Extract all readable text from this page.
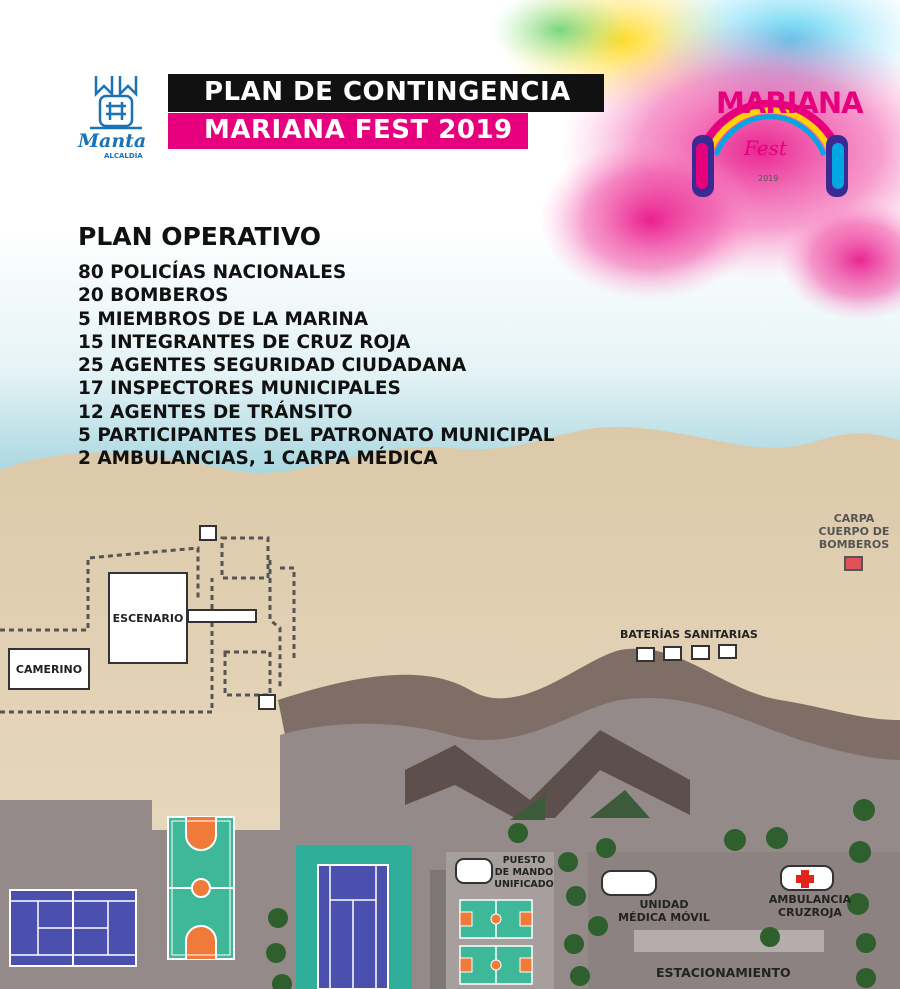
Manta
ALCALDÍA
PLAN DE CONTINGENCIA
MARIANA FEST 2019
MARIANA
Fest
2019
PLAN OPERATIVO
80 POLICÍAS NACIONALES
20 BOMBEROS
5 MIEMBROS DE LA MARINA
15 INTEGRANTES DE CRUZ ROJA
25 AGENTES SEGURIDAD CIUDADANA
17 INSPECTORES MUNICIPALES
12 AGENTES DE TRÁNSITO
5 PARTICIPANTES DEL PATRONATO MUNICIPAL
2 AMBULANCIAS, 1 CARPA MÉDICA
ESCENARIO
CAMERINO
CARPA
CUERPO DE
BOMBEROS
BATERÍAS SANITARIAS
PUESTO
DE MANDO
UNIFICADO
UNIDAD
MÉDICA MÓVIL
AMBULANCIA
CRUZROJA
ESTACIONAMIENTO
